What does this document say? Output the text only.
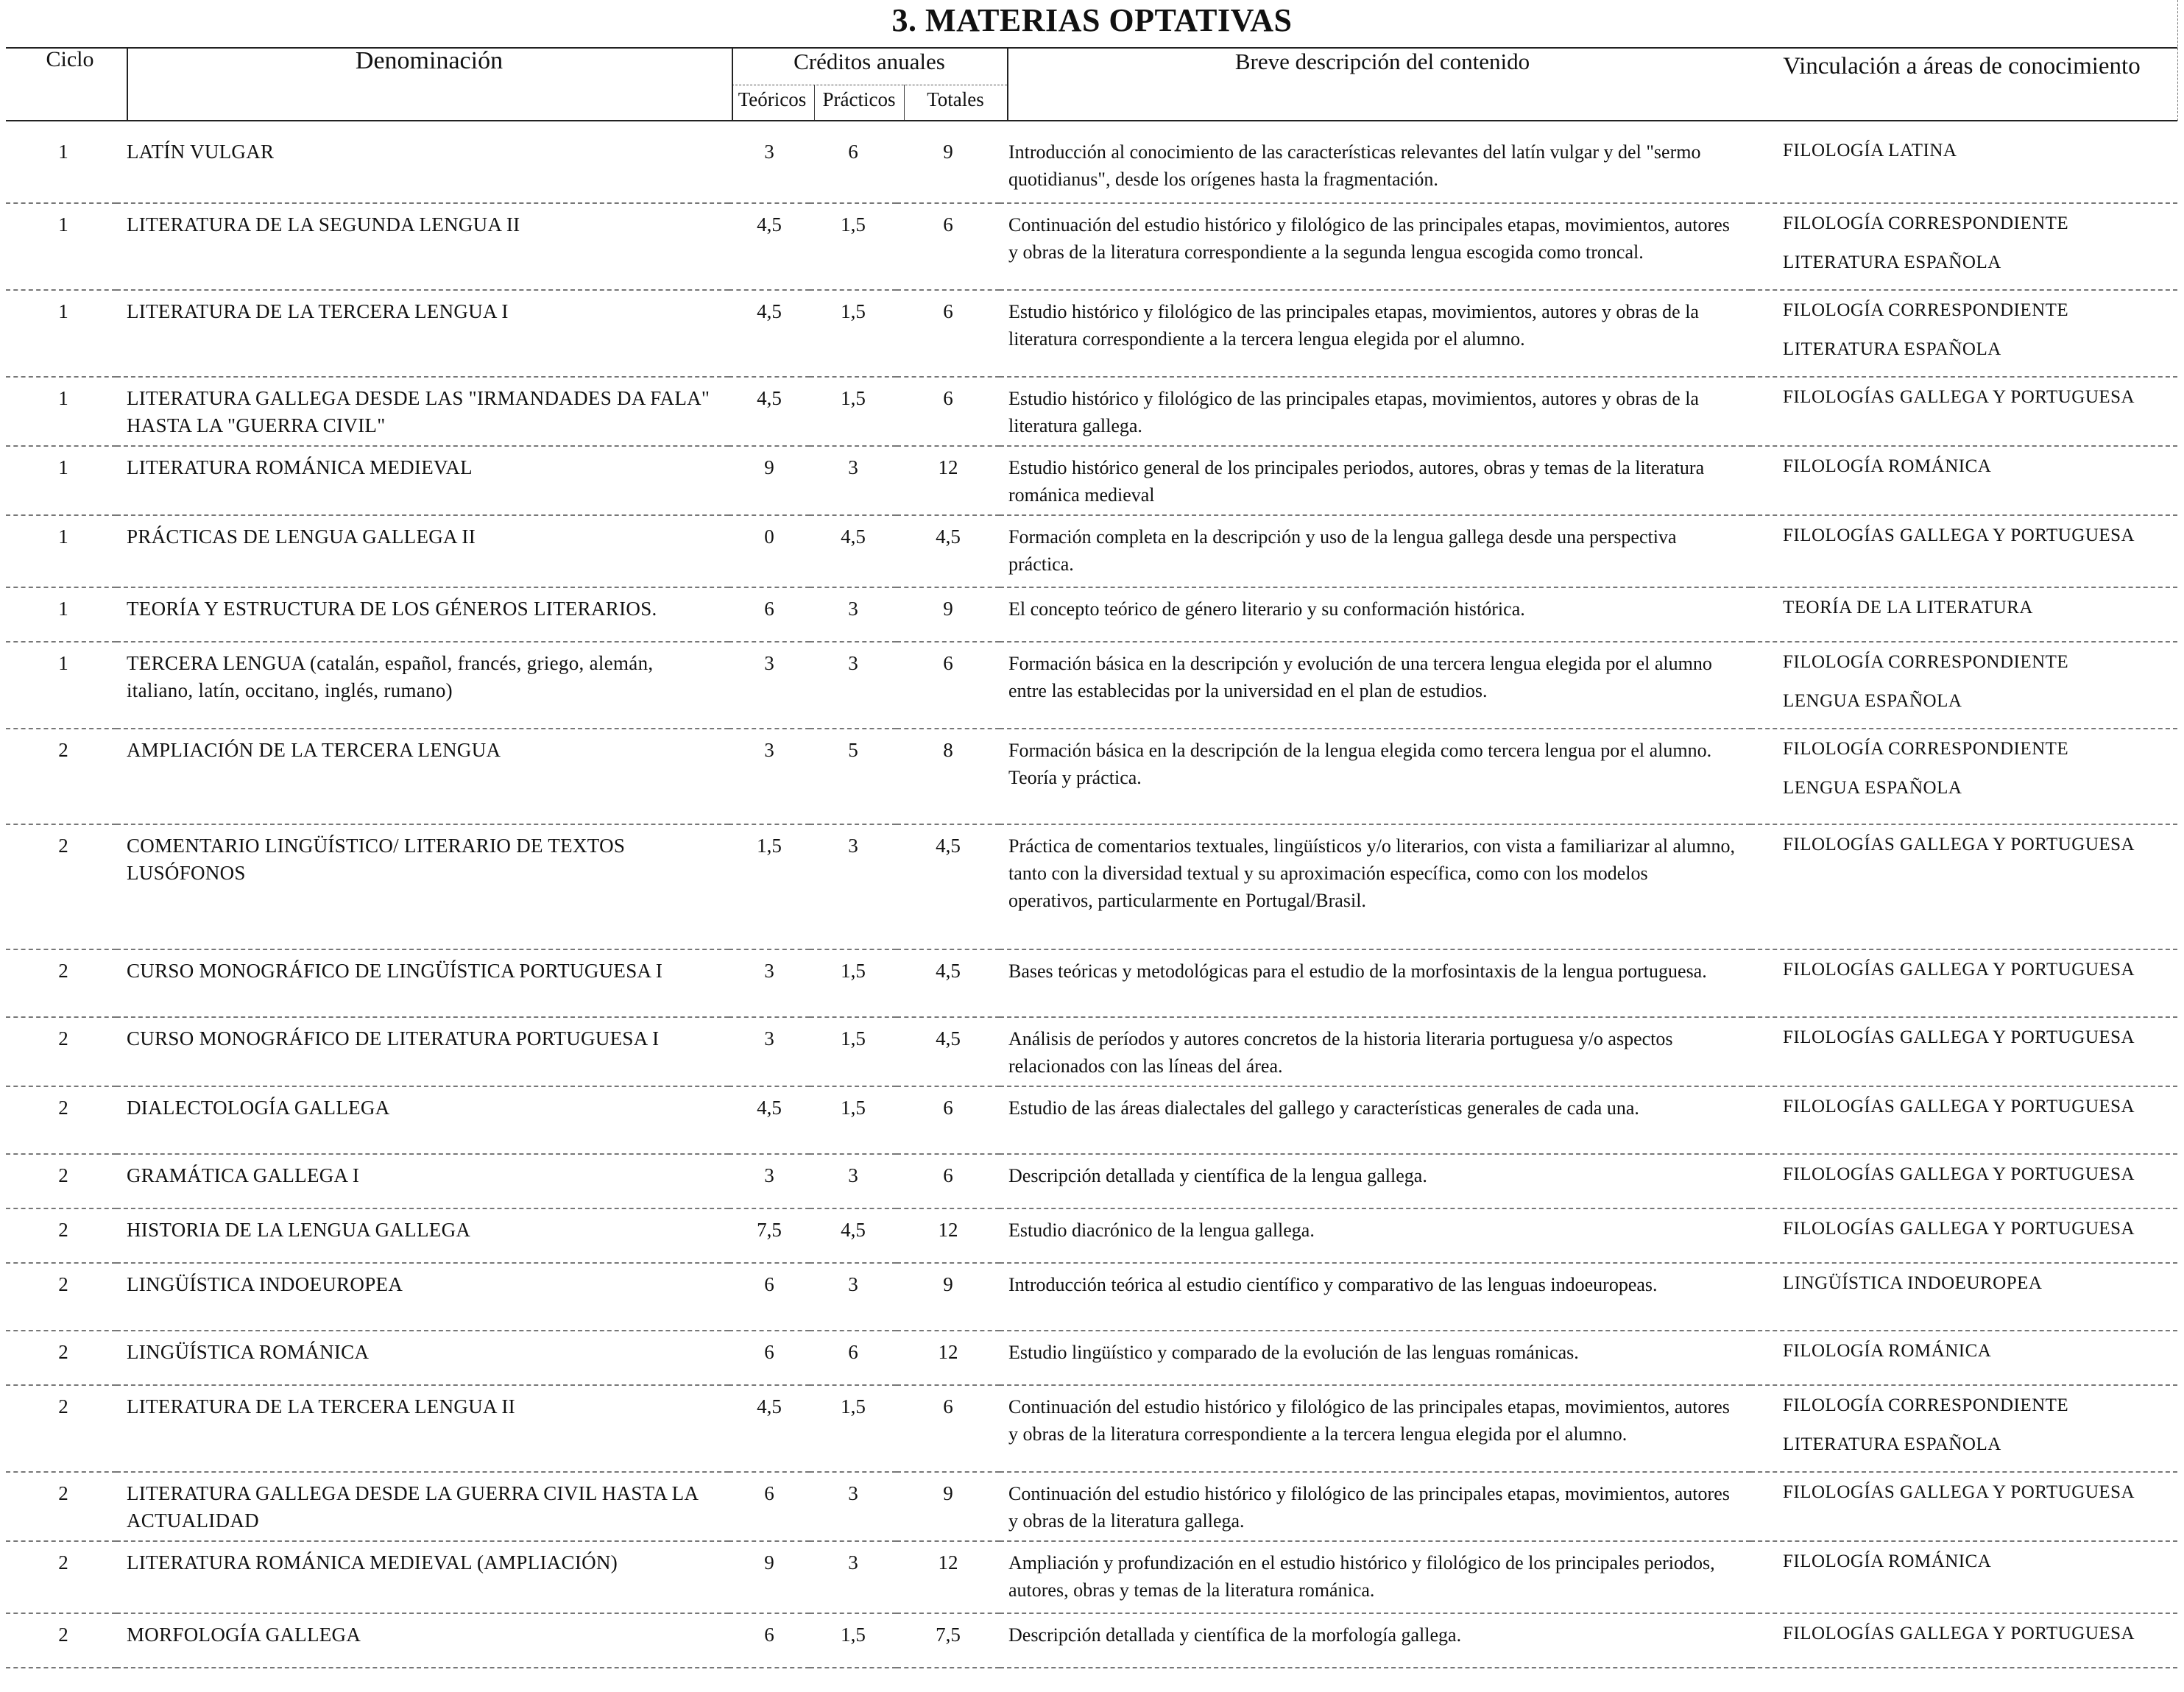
3. MATERIAS OPTATIVAS
Ciclo	Denominación	Créditos anuales
Teóricos Prácticos	Totales
Breve descripción del contenido	Vinculación a áreas de conocimiento
1	LATÍN VULGAR	3	6	9	Introducción al conocimiento de las características relevantes del latín vulgar y del "sermo quotidianus", desde los orígenes hasta la fragmentación.	FILOLOGÍA LATINA

1	LITERATURA DE LA SEGUNDA LENGUA II	4,5	1,5	6	Continuación del estudio histórico y filológico de las principales etapas, movimientos, autores y obras de la literatura correspondiente a la segunda lengua escogida como troncal.	FILOLOGÍA CORRESPONDIENTE
LITERATURA ESPAÑOLA

1	LITERATURA DE LA TERCERA LENGUA I	4,5	1,5	6	Estudio histórico y filológico de las principales etapas, movimientos, autores y obras de la literatura correspondiente a la tercera lengua elegida por el alumno.	FILOLOGÍA CORRESPONDIENTE
LITERATURA ESPAÑOLA

1	LITERATURA GALLEGA DESDE LAS "IRMANDADES DA FALA" HASTA LA "GUERRA CIVIL"	4,5	1,5	6	Estudio histórico y filológico de las principales etapas, movimientos, autores y obras de la literatura gallega.	FILOLOGÍAS GALLEGA Y PORTUGUESA

1	LITERATURA ROMÁNICA MEDIEVAL	9	3	12	Estudio histórico general de los principales periodos, autores, obras y temas de la literatura románica medieval	FILOLOGÍA ROMÁNICA

1	PRÁCTICAS DE LENGUA GALLEGA II	0	4,5	4,5	Formación completa en la descripción y uso de la lengua gallega desde una perspectiva práctica.	FILOLOGÍAS GALLEGA Y PORTUGUESA

1	TEORÍA Y ESTRUCTURA DE LOS GÉNEROS LITERARIOS.	6	3	9	El concepto teórico de género literario y su conformación histórica.	TEORÍA DE LA LITERATURA

1	TERCERA LENGUA (catalán, español, francés, griego, alemán, italiano, latín, occitano, inglés, rumano)	3	3	6	Formación básica en la descripción y evolución de una tercera lengua elegida por el alumno entre las establecidas por la universidad en el plan de estudios.	FILOLOGÍA CORRESPONDIENTE
LENGUA ESPAÑOLA

2	AMPLIACIÓN DE LA TERCERA LENGUA	3	5	8	Formación básica en la descripción de la lengua elegida como tercera lengua por el alumno. Teoría y práctica.	FILOLOGÍA CORRESPONDIENTE
LENGUA ESPAÑOLA

2	COMENTARIO LINGÜÍSTICO/ LITERARIO DE TEXTOS LUSÓFONOS	1,5	3	4,5	Práctica de comentarios textuales, lingüísticos y/o literarios, con vista a familiarizar al alumno, tanto con la diversidad textual y su aproximación específica, como con los modelos operativos, particularmente en Portugal/Brasil.	FILOLOGÍAS GALLEGA Y PORTUGUESA

2	CURSO MONOGRÁFICO DE LINGÜÍSTICA PORTUGUESA I	3	1,5	4,5	Bases teóricas y metodológicas para el estudio de la morfosintaxis de la lengua portuguesa.	FILOLOGÍAS GALLEGA Y PORTUGUESA

2	CURSO MONOGRÁFICO DE LITERATURA PORTUGUESA I	3	1,5	4,5	Análisis de períodos y autores concretos de la historia literaria portuguesa y/o aspectos relacionados con las líneas del área.	FILOLOGÍAS GALLEGA Y PORTUGUESA

2	DIALECTOLOGÍA GALLEGA	4,5	1,5	6	Estudio de las áreas dialectales del gallego y características generales de cada una.	FILOLOGÍAS GALLEGA Y PORTUGUESA

2	GRAMÁTICA GALLEGA I	3	3	6	Descripción detallada y científica de la lengua gallega.	FILOLOGÍAS GALLEGA Y PORTUGUESA

2	HISTORIA DE LA LENGUA GALLEGA	7,5	4,5	12	Estudio diacrónico de la lengua gallega.	FILOLOGÍAS GALLEGA Y PORTUGUESA

2	LINGÜÍSTICA INDOEUROPEA	6	3	9	Introducción teórica al estudio científico y comparativo de las lenguas indoeuropeas.	LINGÜÍSTICA INDOEUROPEA

2	LINGÜÍSTICA ROMÁNICA	6	6	12	Estudio lingüístico y comparado de la evolución de las lenguas románicas.	FILOLOGÍA ROMÁNICA

2	LITERATURA DE LA TERCERA LENGUA II	4,5	1,5	6	Continuación del estudio histórico y filológico de las principales etapas, movimientos, autores y obras de la literatura correspondiente a la tercera lengua elegida por el alumno.	FILOLOGÍA CORRESPONDIENTE
LITERATURA ESPAÑOLA

2	LITERATURA GALLEGA DESDE LA GUERRA CIVIL HASTA LA ACTUALIDAD	6	3	9	Continuación del estudio histórico y filológico de las principales etapas, movimientos, autores y obras de la literatura gallega.	FILOLOGÍAS GALLEGA Y PORTUGUESA

2	LITERATURA ROMÁNICA MEDIEVAL (AMPLIACIÓN)	9	3	12	Ampliación y profundización en el estudio histórico y filológico de los principales periodos, autores, obras y temas de la literatura románica.	FILOLOGÍA ROMÁNICA

2	MORFOLOGÍA GALLEGA	6	1,5	7,5	Descripción detallada y científica de la morfología gallega.	FILOLOGÍAS GALLEGA Y PORTUGUESA
